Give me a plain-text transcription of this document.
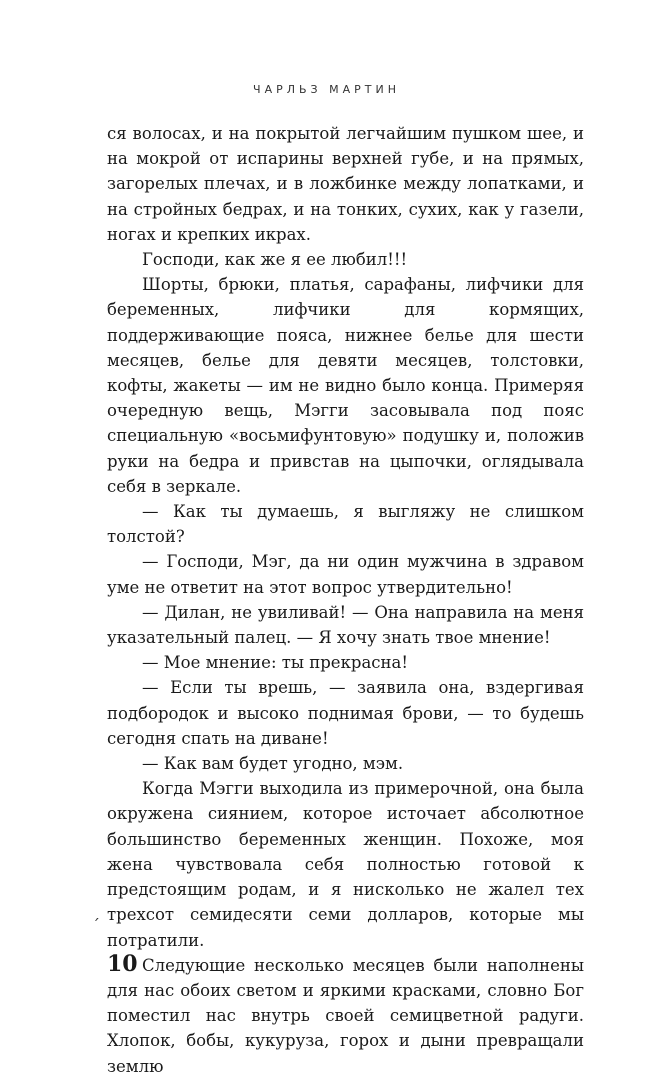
ЧАРЛЬЗ МАРТИН

ся волосах, и на покрытой легчайшим пушком шее, и на мокрой от испарины верхней губе, и на прямых, загорелых плечах, и в ложбинке между лопатками, и на стройных бедрах, и на тонких, сухих, как у газели, ногах и крепких икрах.

Господи, как же я ее любил!!!

Шорты, брюки, платья, сарафаны, лифчики для беременных, лифчики для кормящих, поддерживающие пояса, нижнее белье для шести месяцев, белье для девяти месяцев, толстовки, кофты, жакеты — им не видно было конца. Примеряя очередную вещь, Мэгги засовывала под пояс специальную «восьмифунтовую» подушку и, положив руки на бедра и привстав на цыпочки, оглядывала себя в зеркале.

— Как ты думаешь, я выгляжу не слишком толстой?

— Господи, Мэг, да ни один мужчина в здравом уме не ответит на этот вопрос утвердительно!

— Дилан, не увиливай! — Она направила на меня указательный палец. — Я хочу знать твое мнение!

— Мое мнение: ты прекрасна!

— Если ты врешь, — заявила она, вздергивая подбородок и высоко поднимая брови, — то будешь сегодня спать на диване!

— Как вам будет угодно, мэм.

Когда Мэгги выходила из примерочной, она была окружена сиянием, которое источает абсолютное большинство беременных женщин. Похоже, моя жена чувствовала себя полностью готовой к предстоящим родам, и я нисколько не жалел тех трехсот семидесяти семи долларов, которые мы потратили.

Следующие несколько месяцев были наполнены для нас обоих светом и яркими красками, словно Бог поместил нас внутрь своей семицветной радуги. Хлопок, бобы, кукуруза, горох и дыни превращали землю

´
10
